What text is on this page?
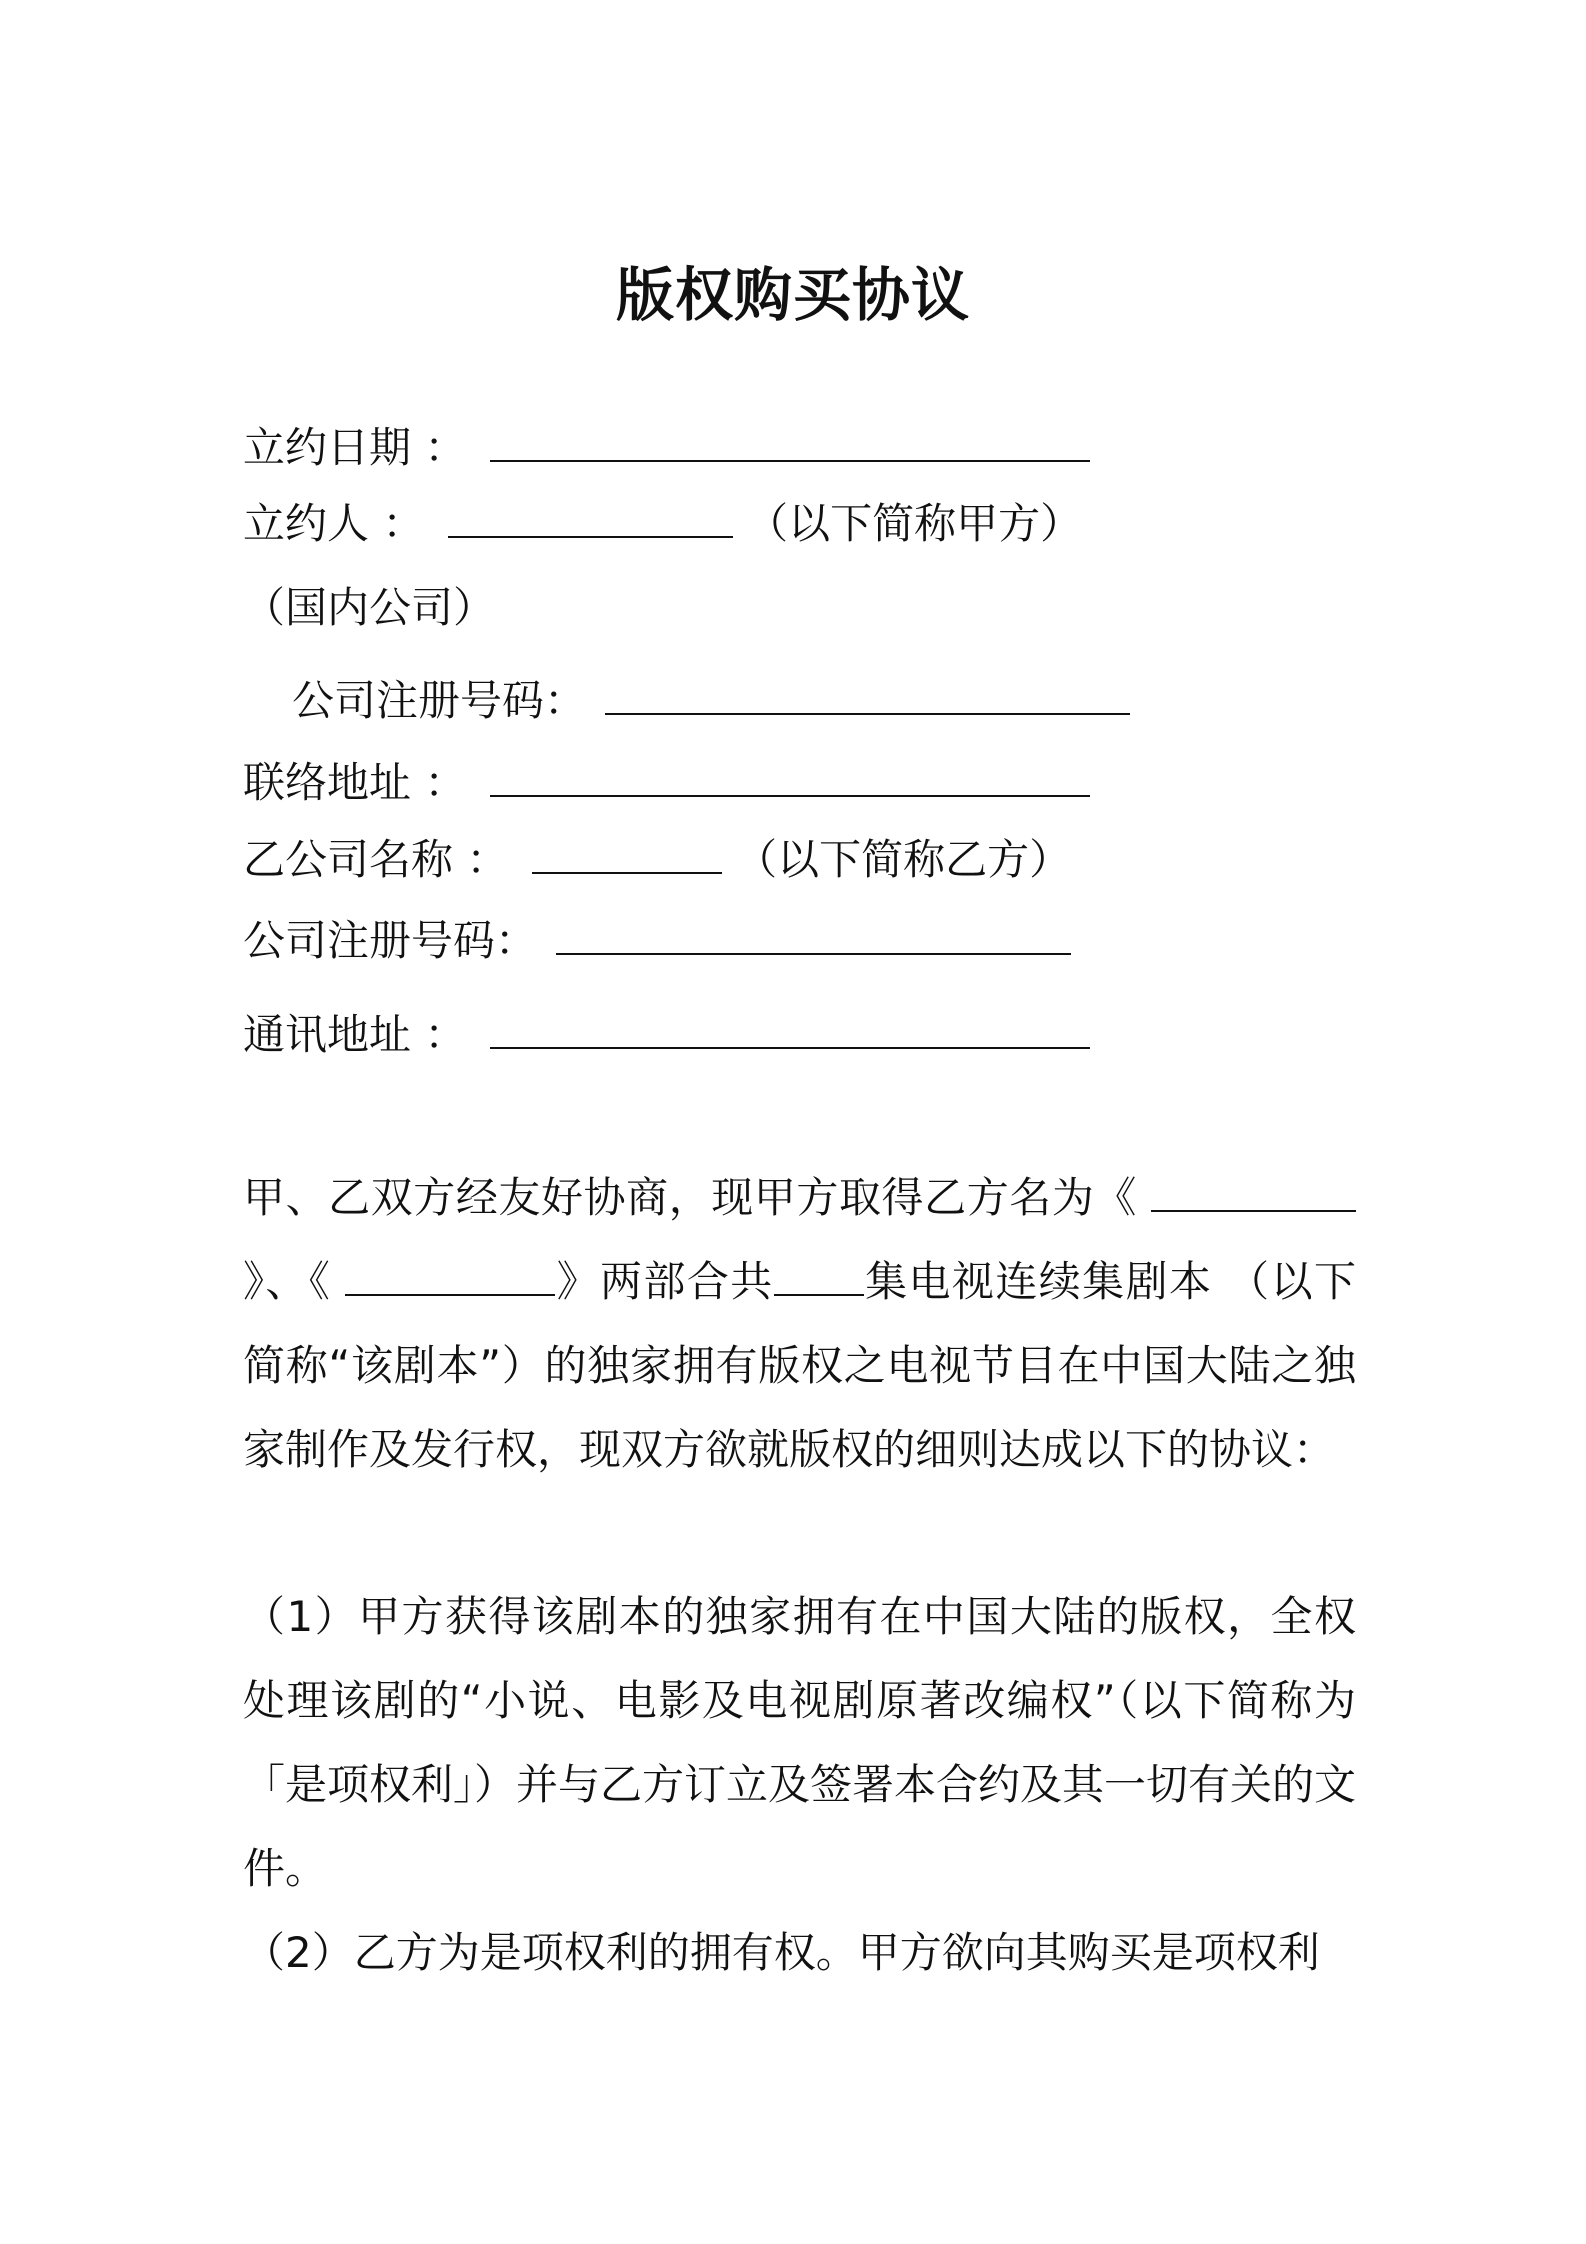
版权购买协议
立约日期 ：
立约人 ：	（以下简称甲方）
（国内公司）
公司注册号码：
联络地址 ：
乙公司名称 ：	（以下简称乙方）
公司注册号码：
通讯地址 ：

甲、乙双方经友好协商，现甲方取得乙方名为《》、《	》两部合共 集电视连续集剧本 （以下简称“该剧本”）的独家拥有版权之电视节目在中国大陆之独家制作及发行权，现双方欲就版权的细则达成以下的协议：

（1）甲方获得该剧本的独家拥有在中国大陆的版权，全权处理该剧的“小说、电影及电视剧原著改编权”（以下简称为「是项权利」）并与乙方订立及签署本合约及其一切有关的文件。

（2）乙方为是项权利的拥有权。甲方欲向其购买是项权利
